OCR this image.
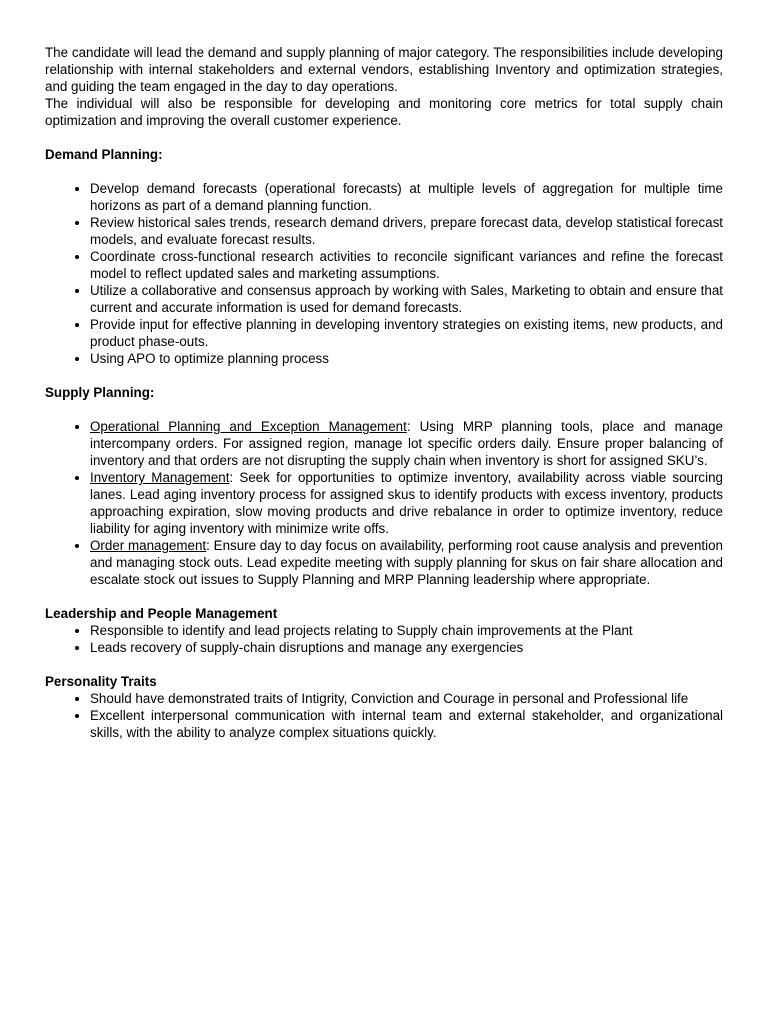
The candidate will lead the demand and supply planning of major category. The responsibilities include developing relationship with internal stakeholders and external vendors, establishing Inventory and optimization strategies, and guiding the team engaged in the day to day operations.

The individual will also be responsible for developing and monitoring core metrics for total supply chain optimization and improving the overall customer experience.

Demand Planning:

• Develop demand forecasts (operational forecasts) at multiple levels of aggregation for multiple time horizons as part of a demand planning function.
• Review historical sales trends, research demand drivers, prepare forecast data, develop statistical forecast models, and evaluate forecast results.
• Coordinate cross-functional research activities to reconcile significant variances and refine the forecast model to reflect updated sales and marketing assumptions.
• Utilize a collaborative and consensus approach by working with Sales, Marketing to obtain and ensure that current and accurate information is used for demand forecasts.
• Provide input for effective planning in developing inventory strategies on existing items, new products, and product phase-outs.
• Using APO to optimize planning process

Supply Planning:

• Operational Planning and Exception Management: Using MRP planning tools, place and manage intercompany orders. For assigned region, manage lot specific orders daily. Ensure proper balancing of inventory and that orders are not disrupting the supply chain when inventory is short for assigned SKU’s.
• Inventory Management: Seek for opportunities to optimize inventory, availability across viable sourcing lanes. Lead aging inventory process for assigned skus to identify products with excess inventory, products approaching expiration, slow moving products and drive rebalance in order to optimize inventory, reduce liability for aging inventory with minimize write offs.
• Order management: Ensure day to day focus on availability, performing root cause analysis and prevention and managing stock outs. Lead expedite meeting with supply planning for skus on fair share allocation and escalate stock out issues to Supply Planning and MRP Planning leadership where appropriate.

Leadership and People Management

• Responsible to identify and lead projects relating to Supply chain improvements at the Plant
• Leads recovery of supply-chain disruptions and manage any exergencies

Personality Traits

• Should have demonstrated traits of Intigrity, Conviction and Courage in personal and Professional life
• Excellent interpersonal communication with internal team and external stakeholder, and organizational skills, with the ability to analyze complex situations quickly.
